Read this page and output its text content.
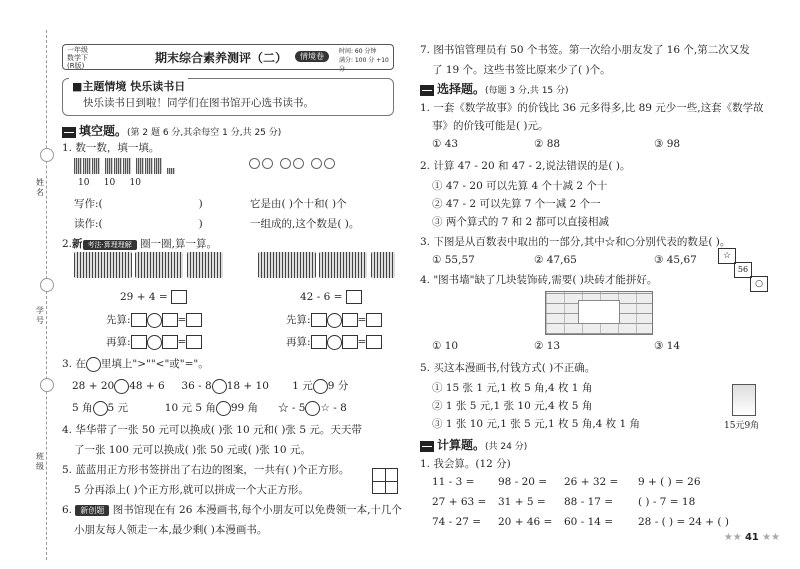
姓名
学号
班级
一年级
数学下
(R版)
期末综合素养测评（二）	情境卷
时间: 60 分钟
满分: 100 分 +10 分
■主题情境 快乐读书日
快乐读书日到啦！同学们在图书馆开心选书读书。
填空题。(第 2 题 6 分,其余每空 1 分,共 25 分)
1. 数一数，填一填。
10 10 10
写作:(	)
读作:(	)
它是由( )个十和( )个
一组成的,这个数是( )。
2.新 考法·算理理解 圈一圈,算一算。

29 + 4 =	42 - 6 =
先算:	=
再算:	=
先算:	=
再算:	=
3. 在 里填上">""<"或"="。
28 + 20 48 + 6 36 - 8 18 + 10 1 元 9 分
5 角 5 元	10 元 5 角 99 角 ☆ - 5 ☆ - 8
4. 华华带了一张 50 元可以换成( )张 10 元和( )张 5 元。天天带
了一张 100 元可以换成( )张 50 元或( )张 10 元。
5. 蓝蓝用正方形书签拼出了右边的图案，一共有( )个正方形。
5 分再添上( )个正方形,就可以拼成一个大正方形。
6. 新创题 图书馆现在有 26 本漫画书,每个小朋友可以免费领一本,十几个
小朋友每人领走一本,最少剩( )本漫画书。
7. 图书馆管理员有 50 个书签。第一次给小朋友发了 16 个,第二次又发
了 19 个。这些书签比原来少了( )个。
选择题。(每题 3 分,共 15 分)
1. 一套《数学故事》的价钱比 36 元多得多,比 89 元少一些,这套《数学故
事》的价钱可能是( )元。
① 43	② 88	③ 98
2. 计算 47 - 20 和 47 - 2,说法错误的是( )。
① 47 - 20 可以先算 4 个十减 2 个十
② 47 - 2 可以先算 7 个一减 2 个一
③ 两个算式的 7 和 2 都可以直接相减
3. 下图是从百数表中取出的一部分,其中☆和○分别代表的数是( )。
① 55,57	② 47,65	③ 45,67	☆
56
○
4. "图书墙"缺了几块装饰砖,需要( )块砖才能拼好。
① 10	② 13	③ 14
5. 买这本漫画书,付钱方式( )不正确。
① 15 张 1 元,1 枚 5 角,4 枚 1 角
② 1 张 5 元,1 张 10 元,4 枚 5 角
③ 1 张 10 元,1 张 5 元,1 枚 5 角,4 枚 1 角	15元9角
计算题。(共 24 分)
1. 我会算。(12 分)
11 - 3 = 98 - 20 = 26 + 32 = 9 + ( ) = 26
27 + 63 = 31 + 5 = 88 - 17 = ( ) - 7 = 18
74 - 27 = 20 + 46 = 60 - 14 = 28 - ( ) = 24 + ( )
★★ 41 ★★
